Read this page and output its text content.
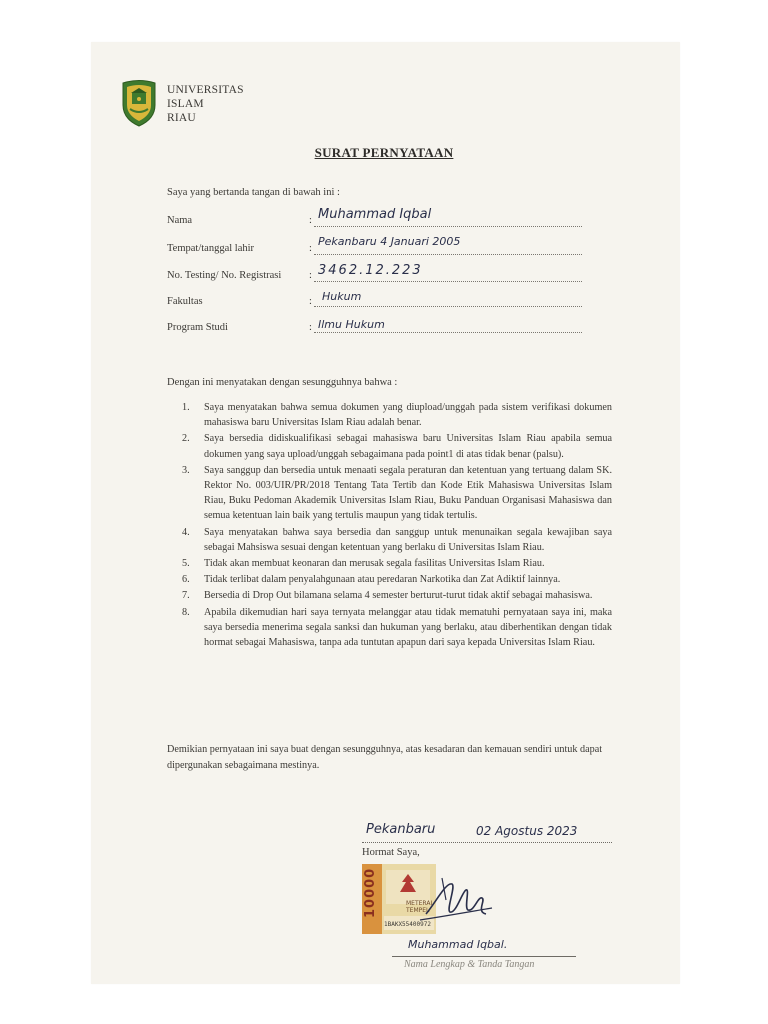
UNIVERSITAS
ISLAM
RIAU
SURAT PERNYATAAN
Saya yang bertanda tangan di bawah ini :
Nama	: Muhammad Iqbal
Tempat/tanggal lahir	:
Pekanbaru 4 Januari 2005
No. Testing/ No. Registrasi	: 3462.12.223
Fakultas	: Hukum
Program Studi	: Ilmu Hukum
Dengan ini menyatakan dengan sesungguhnya bahwa :
1. Saya menyatakan bahwa semua dokumen yang diupload/unggah pada sistem verifikasi dokumen mahasiswa baru Universitas Islam Riau adalah benar.
2. Saya bersedia didiskualifikasi sebagai mahasiswa baru Universitas Islam Riau apabila semua dokumen yang saya upload/unggah sebagaimana pada point1 di atas tidak benar (palsu).
3. Saya sanggup dan bersedia untuk menaati segala peraturan dan ketentuan yang tertuang dalam SK. Rektor No. 003/UIR/PR/2018 Tentang Tata Tertib dan Kode Etik Mahasiswa Universitas Islam Riau, Buku Pedoman Akademik Universitas Islam Riau, Buku Panduan Organisasi Mahasiswa dan semua ketentuan lain baik yang tertulis maupun yang tidak tertulis.
4. Saya menyatakan bahwa saya bersedia dan sanggup untuk menunaikan segala kewajiban saya sebagai Mahsiswa sesuai dengan ketentuan yang berlaku di Universitas Islam Riau.
5. Tidak akan membuat keonaran dan merusak segala fasilitas Universitas Islam Riau.
6. Tidak terlibat dalam penyalahgunaan atau peredaran Narkotika dan Zat Adiktif lainnya.
7. Bersedia di Drop Out bilamana selama 4 semester berturut-turut tidak aktif sebagai mahasiswa.
8. Apabila dikemudian hari saya ternyata melanggar atau tidak mematuhi pernyataan saya ini, maka saya bersedia menerima segala sanksi dan hukuman yang berlaku, atau diberhentikan dengan tidak hormat sebagai Mahasiswa, tanpa ada tuntutan apapun dari saya kepada Universitas Islam Riau.
Demikian pernyataan ini saya buat dengan sesungguhnya, atas kesadaran dan kemauan sendiri untuk dapat dipergunakan sebagaimana mestinya.
Pekanbaru	02 Agostus 2023
Hormat Saya,
10000	METERAI TEMPEL
1BAKX55400972
Muhammad Iqbal.
Nama Lengkap & Tanda Tangan
